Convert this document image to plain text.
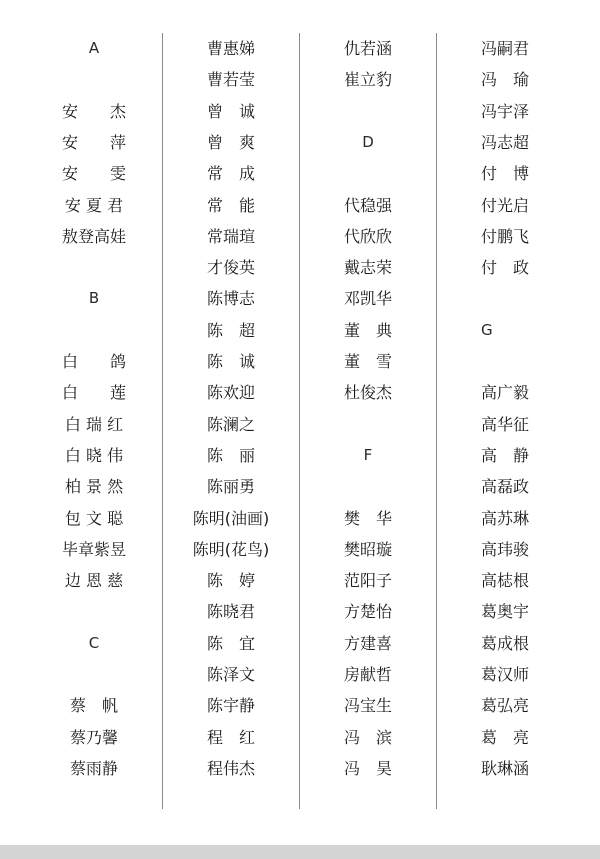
A
安　　杰
安　　萍
安　　雯
安 夏 君
敖登高娃
B
白　　鸽
白　　莲
白 瑞 红
白 晓 伟
柏 景 然
包 文 聪
毕章紫昱
边 恩 慈
C
蔡　帆
蔡乃馨
蔡雨静
曹惠娣
曹若莹
曾　诚
曾　爽
常　成
常　能
常瑞瑄
才俊英
陈博志
陈　超
陈　诚
陈欢迎
陈澜之
陈　丽
陈丽勇
陈明(油画)
陈明(花鸟)
陈　婷
陈晓君
陈　宜
陈泽文
陈宇静
程　红
程伟杰
仇若涵
崔立豹
D
代稳强
代欣欣
戴志荣
邓凯华
董　典
董　雪
杜俊杰
F
樊　华
樊昭璇
范阳子
方楚怡
方建喜
房献哲
冯宝生
冯　滨
冯　昊
冯嗣君
冯　瑜
冯宇泽
冯志超
付　博
付光启
付鹏飞
付　政
G
高广毅
高华征
高　静
高磊政
高苏琳
高玮骏
高梽根
葛奥宇
葛成根
葛汉师
葛弘亮
葛　亮
耿琳涵
